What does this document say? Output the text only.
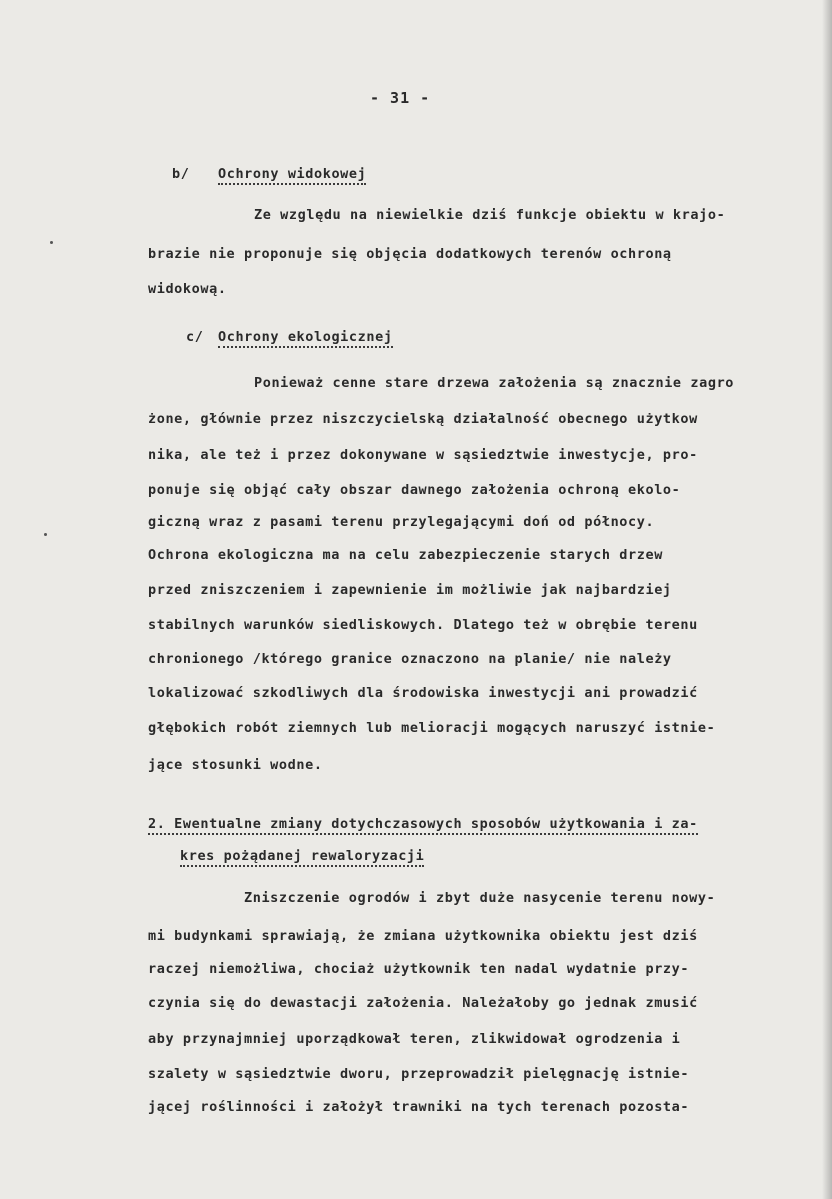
- 31 -
b/ Ochrony widokowej
Ze względu na niewielkie dziś funkcje obiektu w krajo-
brazie nie proponuje się objęcia dodatkowych terenów ochroną
widokową.
c/ Ochrony ekologicznej
Ponieważ cenne stare drzewa założenia są znacznie zagro
żone, głównie przez niszczycielską działalność obecnego użytkow
nika, ale też i przez dokonywane w sąsiedztwie inwestycje, pro-
ponuje się objąć cały obszar dawnego założenia ochroną ekolo-
giczną wraz z pasami terenu przylegającymi doń od północy.
Ochrona ekologiczna ma na celu zabezpieczenie starych drzew
przed zniszczeniem i zapewnienie im możliwie jak najbardziej
stabilnych warunków siedliskowych. Dlatego też w obrębie terenu
chronionego /którego granice oznaczono na planie/ nie należy
lokalizować szkodliwych dla środowiska inwestycji ani prowadzić
głębokich robót ziemnych lub melioracji mogących naruszyć istnie-
jące stosunki wodne.
2. Ewentualne zmiany dotychczasowych sposobów użytkowania i za-
kres pożądanej rewaloryzacji
Zniszczenie ogrodów i zbyt duże nasycenie terenu nowy-
mi budynkami sprawiają, że zmiana użytkownika obiektu jest dziś
raczej niemożliwa, chociaż użytkownik ten nadal wydatnie przy-
czynia się do dewastacji założenia. Należałoby go jednak zmusić
aby przynajmniej uporządkował teren, zlikwidował ogrodzenia i
szalety w sąsiedztwie dworu, przeprowadził pielęgnację istnie-
jącej roślinności i założył trawniki na tych terenach pozosta-
